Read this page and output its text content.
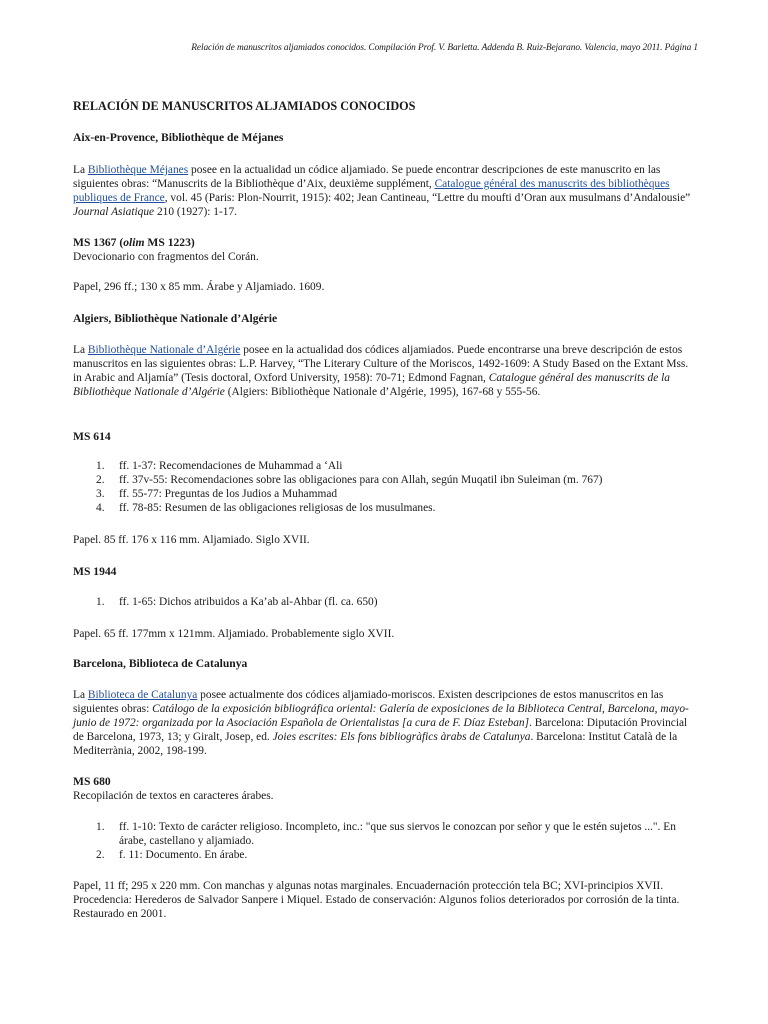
Relación de manuscritos aljamiados conocidos. Compilación Prof. V. Barletta. Addenda B. Ruiz-Bejarano. Valencia, mayo 2011. Página 1

RELACIÓN DE MANUSCRITOS ALJAMIADOS CONOCIDOS

Aix-en-Provence, Bibliothèque de Méjanes

La Bibliothèque Méjanes posee en la actualidad un códice aljamiado. Se puede encontrar descripciones de este manuscrito en las siguientes obras: “Manuscrits de la Bibliothèque d’Aix, deuxième supplément, Catalogue général des manuscrits des bibliothèques publiques de France, vol. 45 (Paris: Plon-Nourrit, 1915): 402; Jean Cantineau, “Lettre du moufti d’Oran aux musulmans d’Andalousie” Journal Asiatique 210 (1927): 1-17.

MS 1367 (olim MS 1223)

Devocionario con fragmentos del Corán.

Papel, 296 ff.; 130 x 85 mm. Árabe y Aljamiado. 1609.

Algiers, Bibliothèque Nationale d’Algérie

La Bibliothèque Nationale d’Algérie posee en la actualidad dos códices aljamiados. Puede encontrarse una breve descripción de estos manuscritos en las siguientes obras: L.P. Harvey, “The Literary Culture of the Moriscos, 1492-1609: A Study Based on the Extant Mss. in Arabic and Aljamía” (Tesis doctoral, Oxford University, 1958): 70-71; Edmond Fagnan, Catalogue général des manuscrits de la Bibliothèque Nationale d’Algérie (Algiers: Bibliothèque Nationale d’Algérie, 1995), 167-68 y 555-56.

MS 614

1. ff. 1-37: Recomendaciones de Muhammad a ‘Ali
2. ff. 37v-55: Recomendaciones sobre las obligaciones para con Allah, según Muqatil ibn Suleiman (m. 767)
3. ff. 55-77: Preguntas de los Judios a Muhammad
4. ff. 78-85: Resumen de las obligaciones religiosas de los musulmanes.

Papel. 85 ff. 176 x 116 mm. Aljamiado. Siglo XVII.

MS 1944

1. ff. 1-65: Dichos atribuidos a Ka’ab al-Ahbar (fl. ca. 650)

Papel. 65 ff. 177mm x 121mm. Aljamiado. Probablemente siglo XVII.

Barcelona, Biblioteca de Catalunya

La Biblioteca de Catalunya posee actualmente dos códices aljamiado-moriscos. Existen descripciones de estos manuscritos en las siguientes obras: Catálogo de la exposición bibliográfica oriental: Galería de exposiciones de la Biblioteca Central, Barcelona, mayo-junio de 1972: organizada por la Asociación Española de Orientalistas [a cura de F. Díaz Esteban]. Barcelona: Diputación Provincial de Barcelona, 1973, 13; y Giralt, Josep, ed. Joies escrites: Els fons bibliogràfics àrabs de Catalunya. Barcelona: Institut Català de la Mediterrània, 2002, 198-199.

MS 680

Recopilación de textos en caracteres árabes.

1. ff. 1-10: Texto de carácter religioso. Incompleto, inc.: "que sus siervos le conozcan por señor y que le estén sujetos ...". En árabe, castellano y aljamiado.
2. f. 11: Documento. En árabe.

Papel, 11 ff; 295 x 220 mm. Con manchas y algunas notas marginales. Encuadernación protección tela BC; XVI-principios XVII. Procedencia: Herederos de Salvador Sanpere i Miquel. Estado de conservación: Algunos folios deteriorados por corrosión de la tinta. Restaurado en 2001.
